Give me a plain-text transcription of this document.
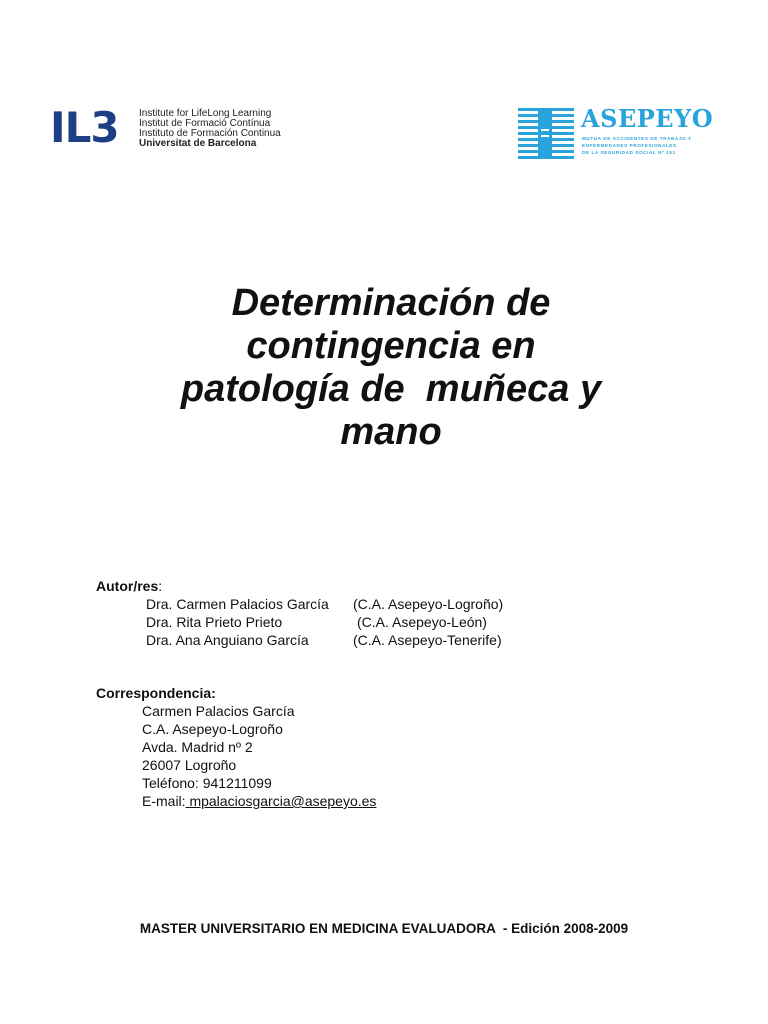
IL3 Institute for LifeLong Learning
Institut de Formació Contínua
Instituto de Formación Continua
Universitat de Barcelona
ASEPEYO
MUTUA DE ACCIDENTES DE TRABAJO Y
ENFERMEDADES PROFESIONALES
DE LA SEGURIDAD SOCIAL Nº 151
Determinación de
contingencia en
patología de  muñeca y
mano
Autor/res:
Dra. Carmen Palacios García (C.A. Asepeyo-Logroño)
Dra. Rita Prieto Prieto	(C.A. Asepeyo-León)
Dra. Ana Anguiano García	(C.A. Asepeyo-Tenerife)
Correspondencia:
Carmen Palacios García
C.A. Asepeyo-Logroño
Avda. Madrid nº 2
26007 Logroño
Teléfono: 941211099
E-mail: mpalaciosgarcia@asepeyo.es
MASTER UNIVERSITARIO EN MEDICINA EVALUADORA  - Edición 2008-2009
